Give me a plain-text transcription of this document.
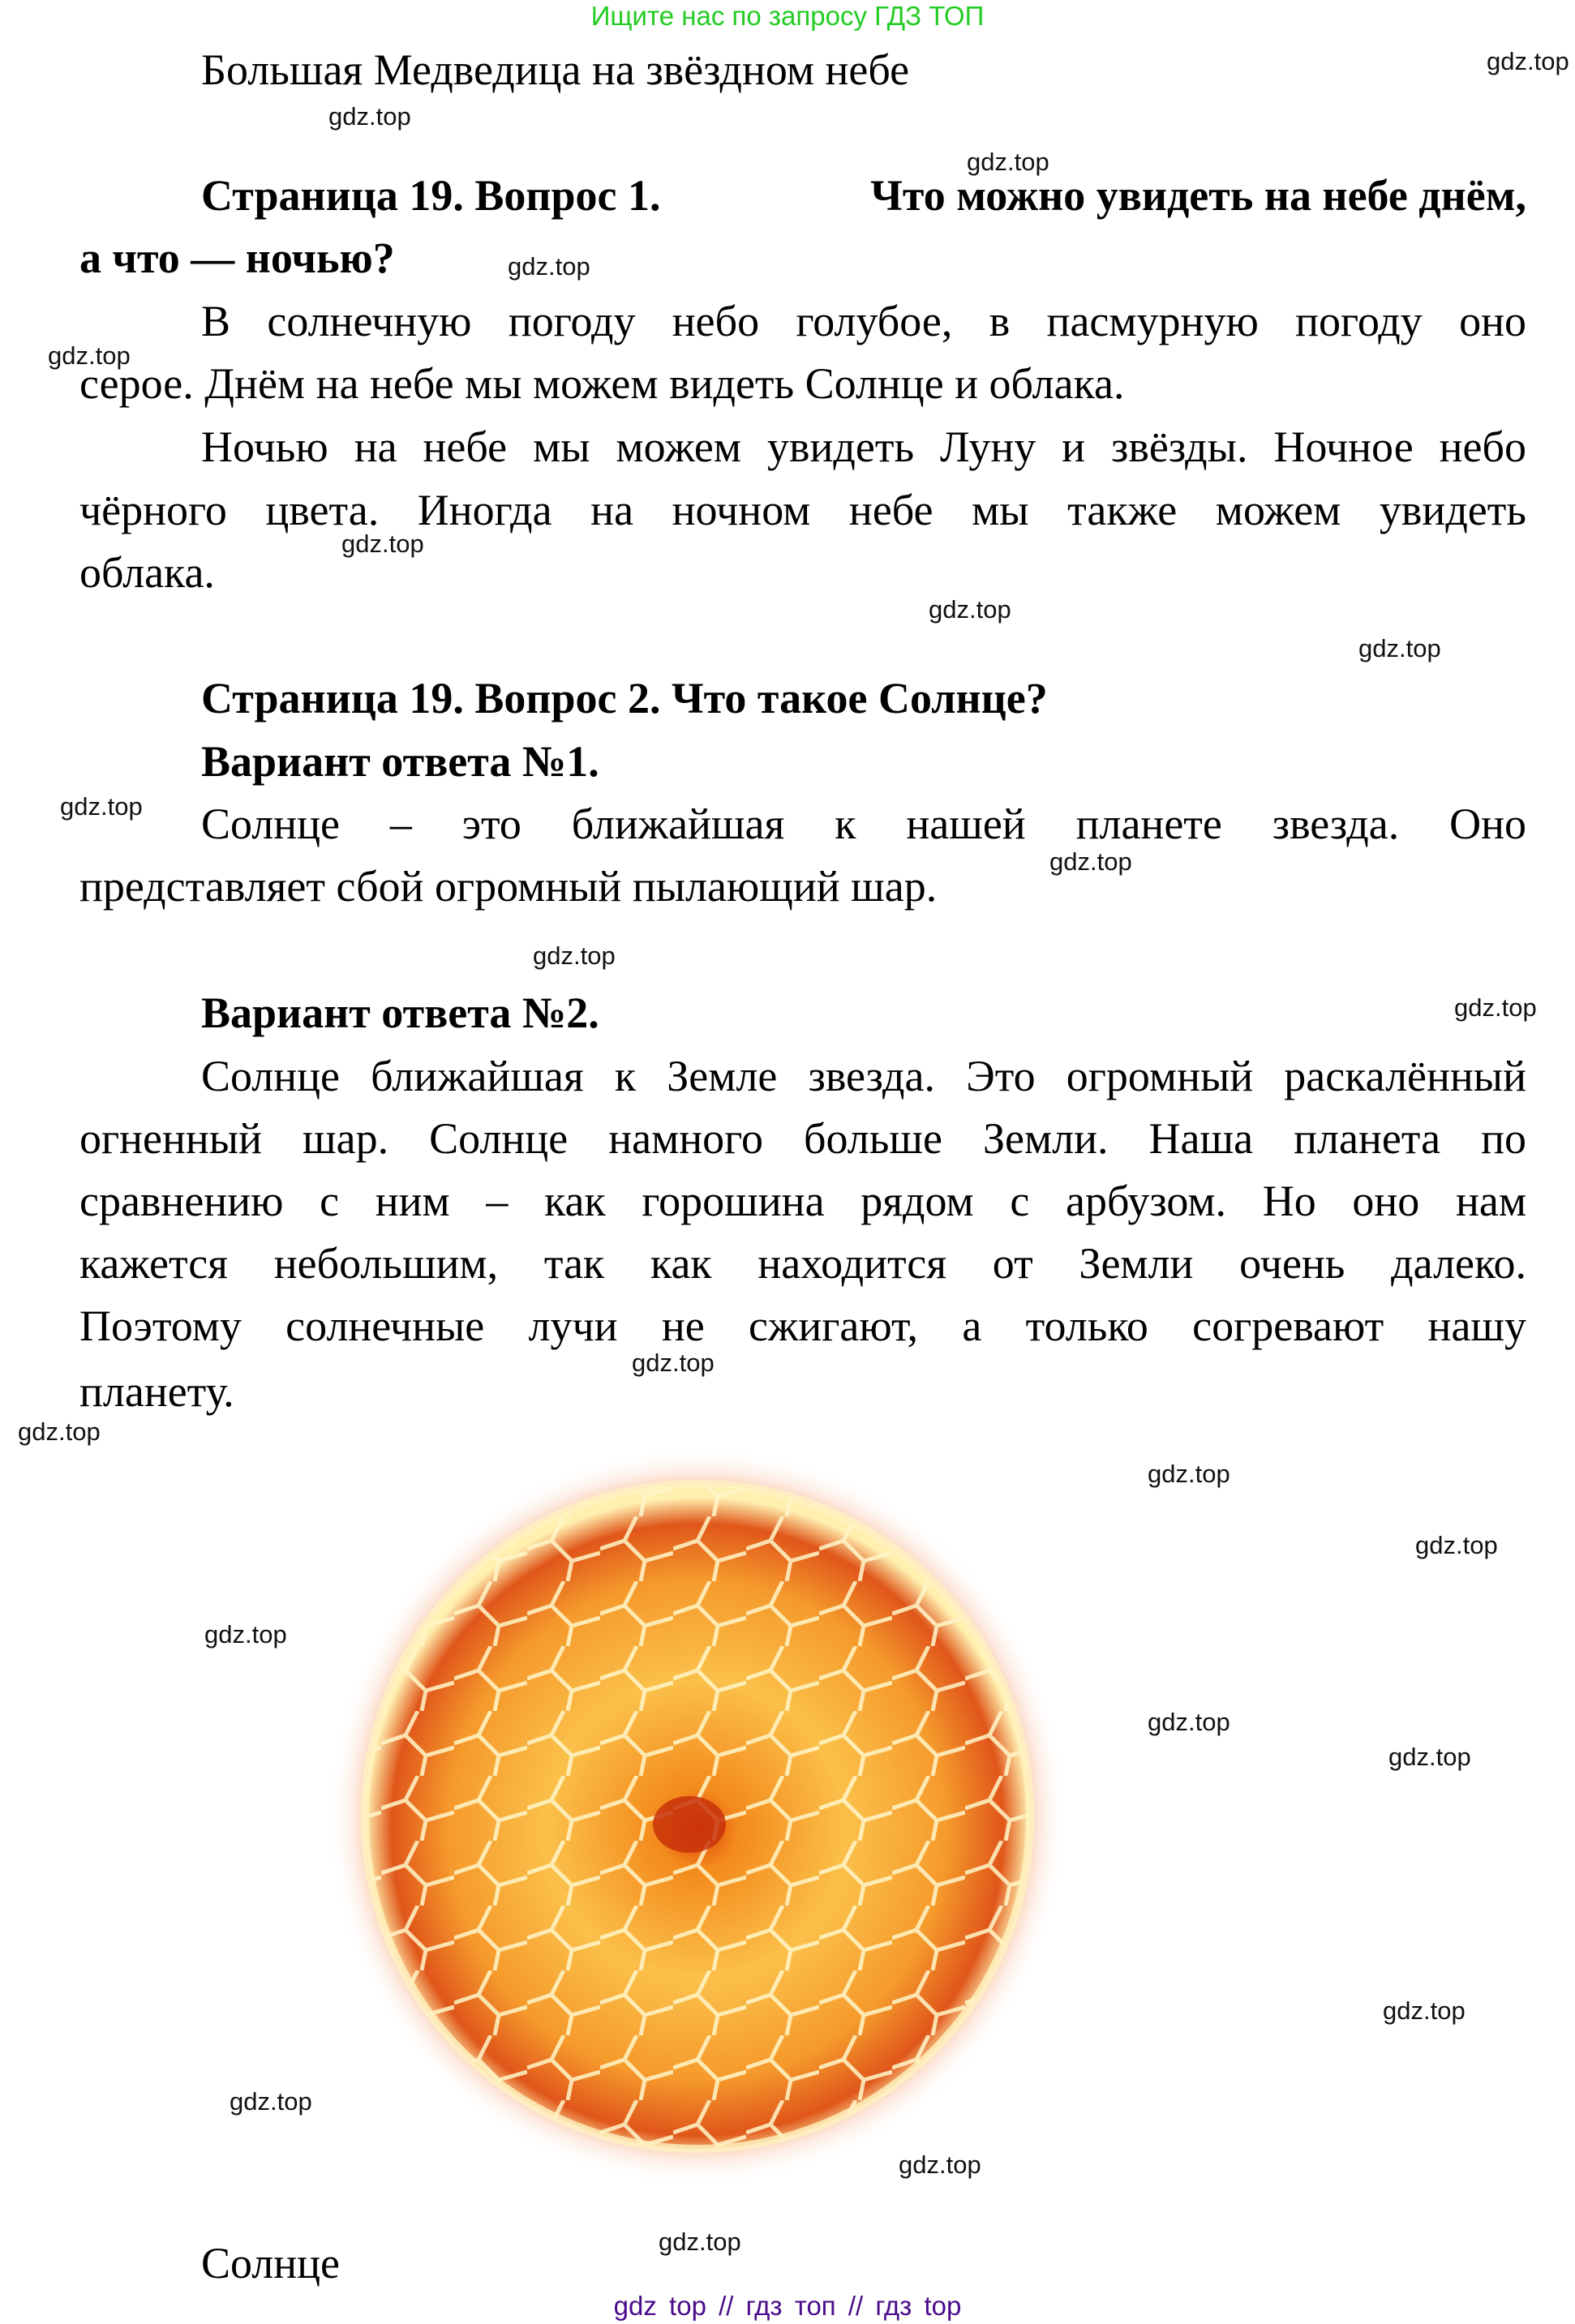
Ищите нас по запросу ГДЗ ТОП
Большая Медведица на звёздном небе
Страница 19. Вопрос 1.	Что можно увидеть на небе днём,
а что — ночью?
В солнечную погоду небо голубое, в пасмурную погоду оно
серое. Днём на небе мы можем видеть Солнце и облака.
Ночью на небе мы можем увидеть Луну и звёзды. Ночное небо
чёрного цвета. Иногда на ночном небе мы также можем увидеть
облака.
Страница 19. Вопрос 2. Что такое Солнце?
Вариант ответа №1.
Солнце – это ближайшая к нашей планете звезда. Оно
представляет сбой огромный пылающий шар.
Вариант ответа №2.
Солнце ближайшая к Земле звезда. Это огромный раскалённый
огненный шар. Солнце намного больше Земли. Наша планета по
сравнению с ним – как горошина рядом с арбузом. Но оно нам
кажется небольшим, так как находится от Земли очень далеко.
Поэтому солнечные лучи не сжигают, а только согревают нашу
планету.
Солнце
gdz.top
gdz.top
gdz.top
gdz.top
gdz.top
gdz.top
gdz.top
gdz.top
gdz.top
gdz.top
gdz.top
gdz.top
gdz.top
gdz.top
gdz.top
gdz.top
gdz.top
gdz.top
gdz.top
gdz.top
gdz.top
gdz.top
gdz.top
gdz top // гдз топ // гдз top
